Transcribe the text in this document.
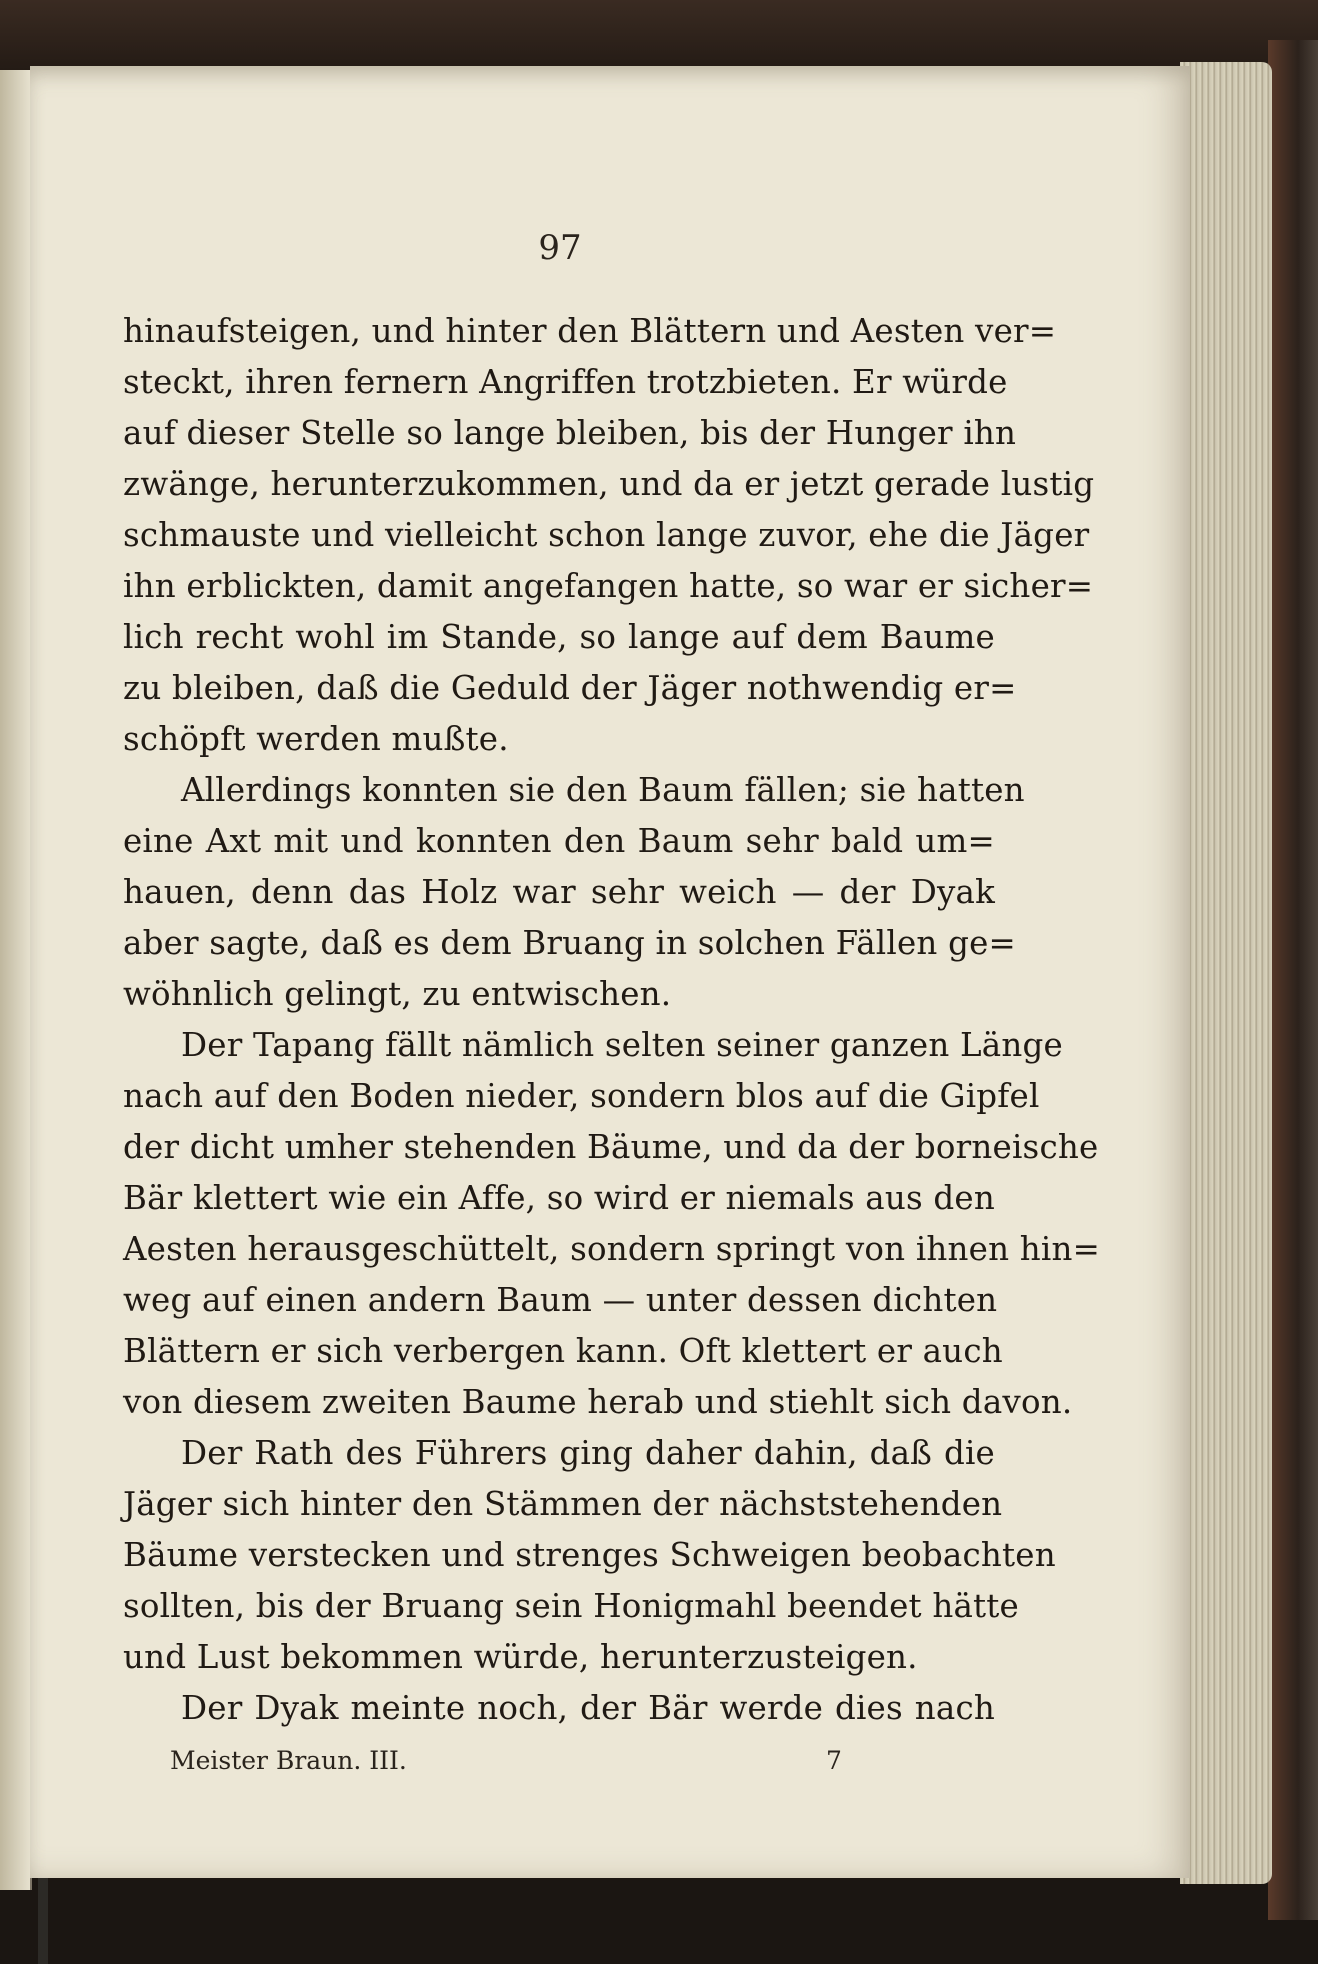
97
hinaufsteigen, und hinter den Blättern und Aesten ver=
steckt, ihren fernern Angriffen trotzbieten. Er würde
auf dieser Stelle so lange bleiben, bis der Hunger ihn
zwänge, herunterzukommen, und da er jetzt gerade lustig
schmauste und vielleicht schon lange zuvor, ehe die Jäger
ihn erblickten, damit angefangen hatte, so war er sicher=
lich recht wohl im Stande, so lange auf dem Baume
zu bleiben, daß die Geduld der Jäger nothwendig er=
schöpft werden mußte.
Allerdings konnten sie den Baum fällen; sie hatten
eine Axt mit und konnten den Baum sehr bald um=
hauen, denn das Holz war sehr weich — der Dyak
aber sagte, daß es dem Bruang in solchen Fällen ge=
wöhnlich gelingt, zu entwischen.
Der Tapang fällt nämlich selten seiner ganzen Länge
nach auf den Boden nieder, sondern blos auf die Gipfel
der dicht umher stehenden Bäume, und da der borneische
Bär klettert wie ein Affe, so wird er niemals aus den
Aesten herausgeschüttelt, sondern springt von ihnen hin=
weg auf einen andern Baum — unter dessen dichten
Blättern er sich verbergen kann. Oft klettert er auch
von diesem zweiten Baume herab und stiehlt sich davon.
Der Rath des Führers ging daher dahin, daß die
Jäger sich hinter den Stämmen der nächststehenden
Bäume verstecken und strenges Schweigen beobachten
sollten, bis der Bruang sein Honigmahl beendet hätte
und Lust bekommen würde, herunterzusteigen.
Der Dyak meinte noch, der Bär werde dies nach
Meister Braun. III.	7
